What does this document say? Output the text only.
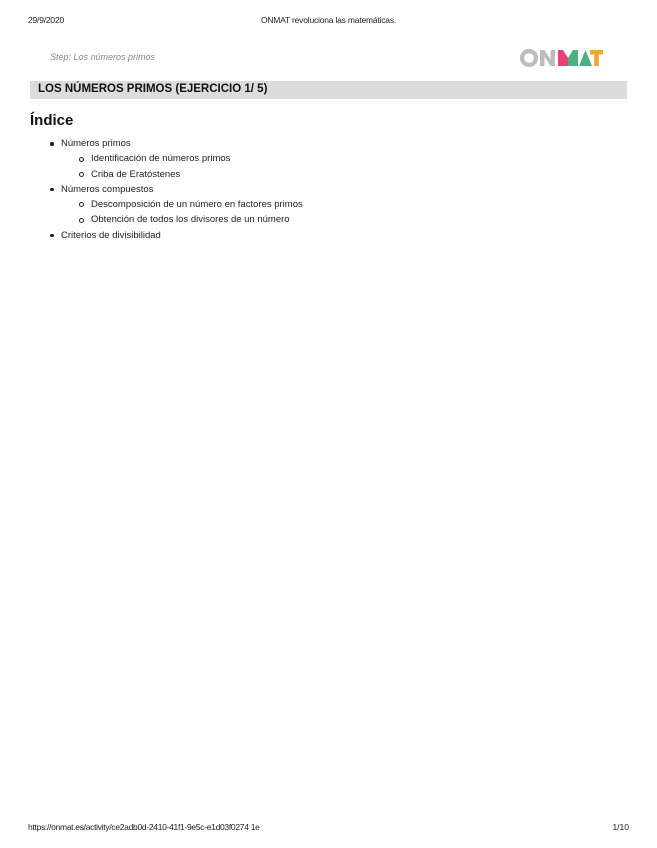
29/9/2020	ONMAT revoluciona las matemáticas.
Step: Los números primos
LOS NÚMEROS PRIMOS (EJERCICIO 1/ 5)
Índice
Números primos
Identificación de números primos
Criba de Eratóstenes
Números compuestos
Descomposición de un número en factores primos
Obtención de todos los divisores de un número
Criterios de divisibilidad
https://onmat.es/activity/ce2adb0d-2410-41f1-9e5c-e1d03f0274 1e	1/10
